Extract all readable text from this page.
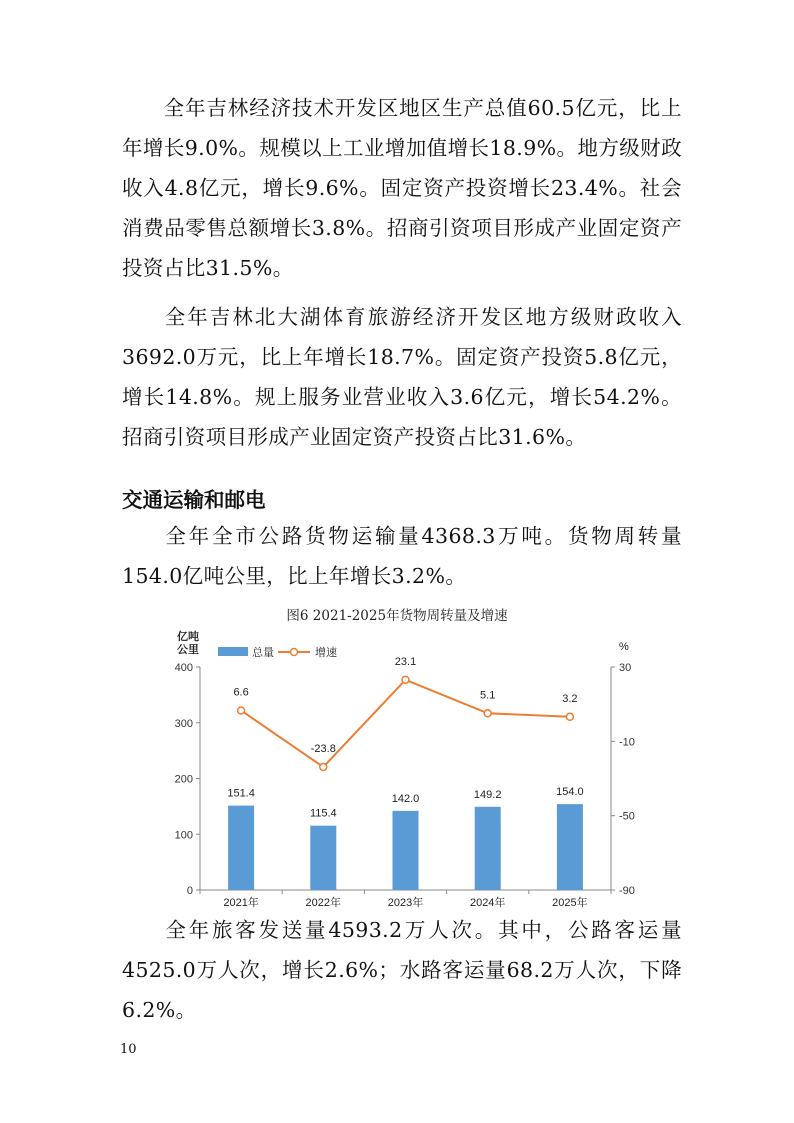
全年吉林经济技术开发区地区生产总值60.5亿元，比上年增长9.0%。规模以上工业增加值增长18.9%。地方级财政收入4.8亿元，增长9.6%。固定资产投资增长23.4%。社会消费品零售总额增长3.8%。招商引资项目形成产业固定资产投资占比31.5%。

全年吉林北大湖体育旅游经济开发区地方级财政收入3692.0万元，比上年增长18.7%。固定资产投资5.8亿元，增长14.8%。规上服务业营业收入3.6亿元，增长54.2%。招商引资项目形成产业固定资产投资占比31.6%。

交通运输和邮电

全年全市公路货物运输量4368.3万吨。货物周转量154.0亿吨公里，比上年增长3.2%。

图6 2021-2025年货物周转量及增速
0
100
200
300
400
-90
-50
-10
30
亿吨
公里	%
2021年	2022年	2023年	2024年	2025年
151.4
115.4
142.0	149.2	154.0
6.6
-23.8
23.1
5.1	3.2
总量	增速

全年旅客发送量4593.2万人次。其中，公路客运量4525.0万人次，增长2.6%；水路客运量68.2万人次，下降6.2%。

10
